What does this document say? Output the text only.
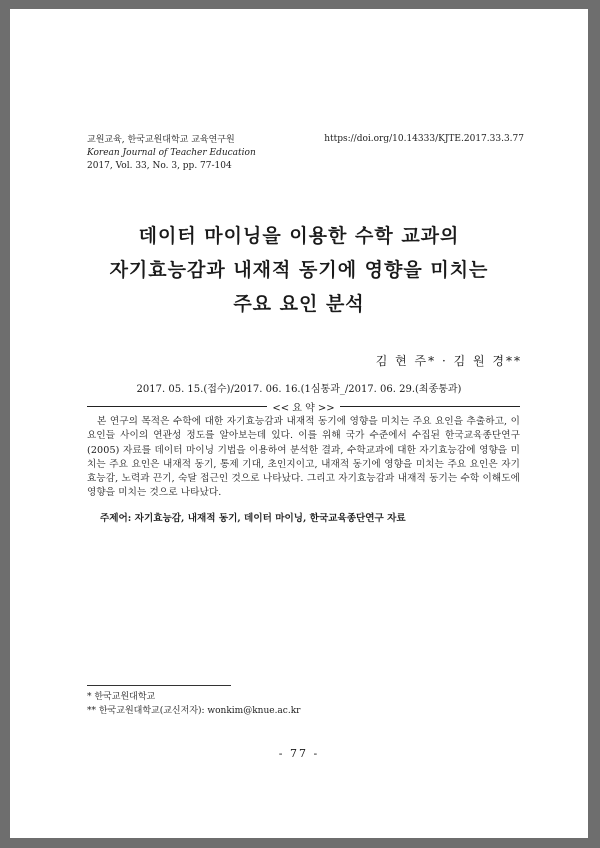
교원교육, 한국교원대학교 교육연구원
Korean Journal of Teacher Education
2017, Vol. 33, No. 3, pp. 77-104
https://doi.org/10.14333/KJTE.2017.33.3.77
데이터 마이닝을 이용한 수학 교과의
자기효능감과 내재적 동기에 영향을 미치는
주요 요인 분석
김 현 주* · 김 원 경**
2017. 05. 15.(접수)/2017. 06. 16.(1심통과_/2017. 06. 29.(최종통과)
<< 요 약 >>
본 연구의 목적은 수학에 대한 자기효능감과 내재적 동기에 영향을 미치는 주요 요인을 추출하고, 이 요인들 사이의 연관성 정도를 알아보는데 있다. 이를 위해 국가 수준에서 수집된 한국교육종단연구(2005) 자료를 데이터 마이닝 기법을 이용하여 분석한 결과, 수학교과에 대한 자기효능감에 영향을 미치는 주요 요인은 내재적 동기, 통제 기대, 초인지이고, 내재적 동기에 영향을 미치는 주요 요인은 자기효능감, 노력과 끈기, 숙달 접근인 것으로 나타났다. 그리고 자기효능감과 내재적 동기는 수학 이해도에 영향을 미치는 것으로 나타났다.
주제어: 자기효능감, 내재적 동기, 데이터 마이닝, 한국교육종단연구 자료
* 한국교원대학교
** 한국교원대학교(교신저자): wonkim@knue.ac.kr
- 77 -
